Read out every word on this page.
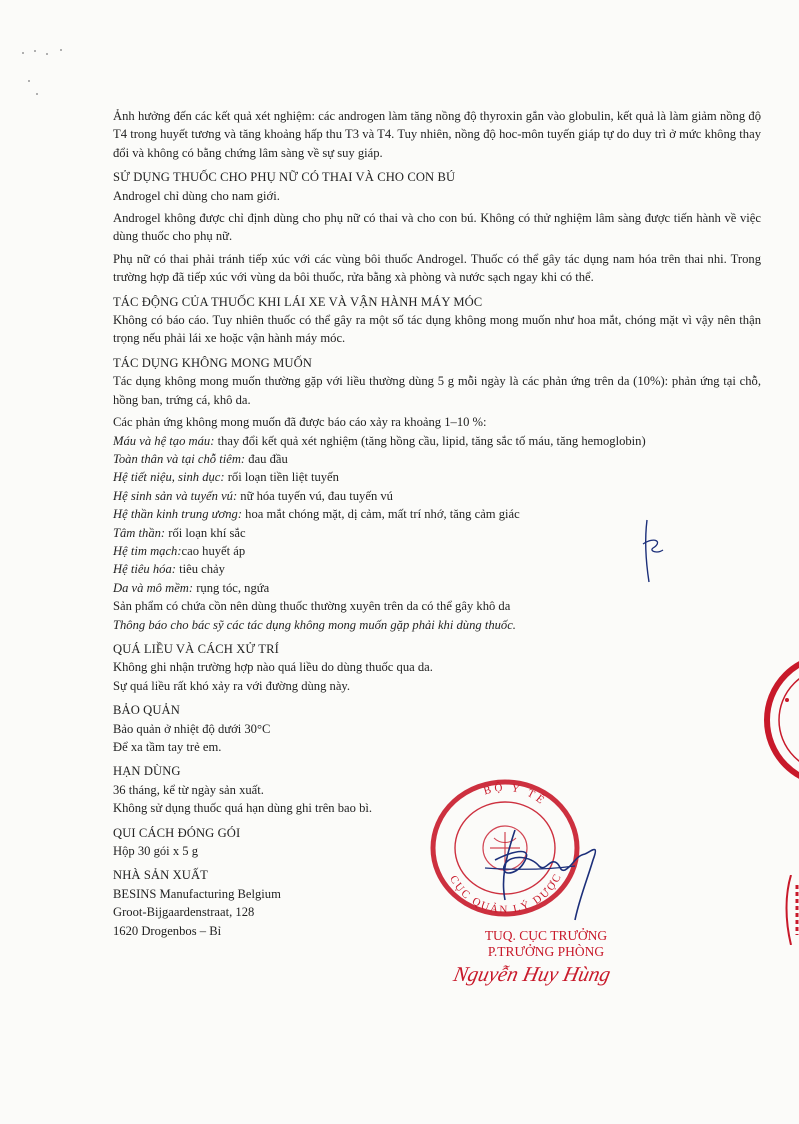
Ảnh hưởng đến các kết quả xét nghiệm: các androgen làm tăng nồng độ thyroxin gắn vào globulin, kết quả là làm giảm nồng độ T4 trong huyết tương và tăng khoảng hấp thu T3 và T4. Tuy nhiên, nồng độ hoc-môn tuyến giáp tự do duy trì ở mức không thay đổi và không có bằng chứng lâm sàng về sự suy giáp.

SỬ DỤNG THUỐC CHO PHỤ NỮ CÓ THAI VÀ CHO CON BÚ

Androgel chỉ dùng cho nam giới.

Androgel không được chỉ định dùng cho phụ nữ có thai và cho con bú. Không có thử nghiệm lâm sàng được tiến hành về việc dùng thuốc cho phụ nữ.

Phụ nữ có thai phải tránh tiếp xúc với các vùng bôi thuốc Androgel. Thuốc có thể gây tác dụng nam hóa trên thai nhi. Trong trường hợp đã tiếp xúc với vùng da bôi thuốc, rửa bằng xà phòng và nước sạch ngay khi có thể.

TÁC ĐỘNG CỦA THUỐC KHI LÁI XE VÀ VẬN HÀNH MÁY MÓC

Không có báo cáo. Tuy nhiên thuốc có thể gây ra một số tác dụng không mong muốn như hoa mắt, chóng mặt vì vậy nên thận trọng nếu phải lái xe hoặc vận hành máy móc.

TÁC DỤNG KHÔNG MONG MUỐN

Tác dụng không mong muốn thường gặp với liều thường dùng 5 g mỗi ngày là các phản ứng trên da (10%): phản ứng tại chỗ, hồng ban, trứng cá, khô da.

Các phản ứng không mong muốn đã được báo cáo xảy ra khoảng 1–10 %:

Máu và hệ tạo máu: thay đổi kết quả xét nghiệm (tăng hồng cầu, lipid, tăng sắc tố máu, tăng hemoglobin)

Toàn thân và tại chỗ tiêm: đau đầu

Hệ tiết niệu, sinh dục: rối loạn tiền liệt tuyến

Hệ sinh sản và tuyến vú: nữ hóa tuyến vú, đau tuyến vú

Hệ thần kinh trung ương: hoa mắt chóng mặt, dị cảm, mất trí nhớ, tăng cảm giác

Tâm thần: rối loạn khí sắc

Hệ tim mạch:cao huyết áp

Hệ tiêu hóa: tiêu chảy

Da và mô mềm: rụng tóc, ngứa

Sản phẩm có chứa cồn nên dùng thuốc thường xuyên trên da có thể gây khô da

Thông báo cho bác sỹ các tác dụng không mong muốn gặp phải khi dùng thuốc.

QUÁ LIỀU VÀ CÁCH XỬ TRÍ

Không ghi nhận trường hợp nào quá liều do dùng thuốc qua da.

Sự quá liều rất khó xảy ra với đường dùng này.

BẢO QUẢN

Bảo quản ở nhiệt độ dưới 30°C

Để xa tầm tay trẻ em.

HẠN DÙNG

36 tháng, kể từ ngày sản xuất.

Không sử dụng thuốc quá hạn dùng ghi trên bao bì.

QUI CÁCH ĐÓNG GÓI

Hộp 30 gói x 5 g

NHÀ SẢN XUẤT

BESINS Manufacturing Belgium

Groot-Bijgaardenstraat, 128

1620 Drogenbos – Bỉ

BỘ Y TẾ
CỤC QUẢN LÝ DƯỢC
TUQ. CỤC TRƯỞNG
P.TRƯỞNG PHÒNG
Nguyễn Huy Hùng
